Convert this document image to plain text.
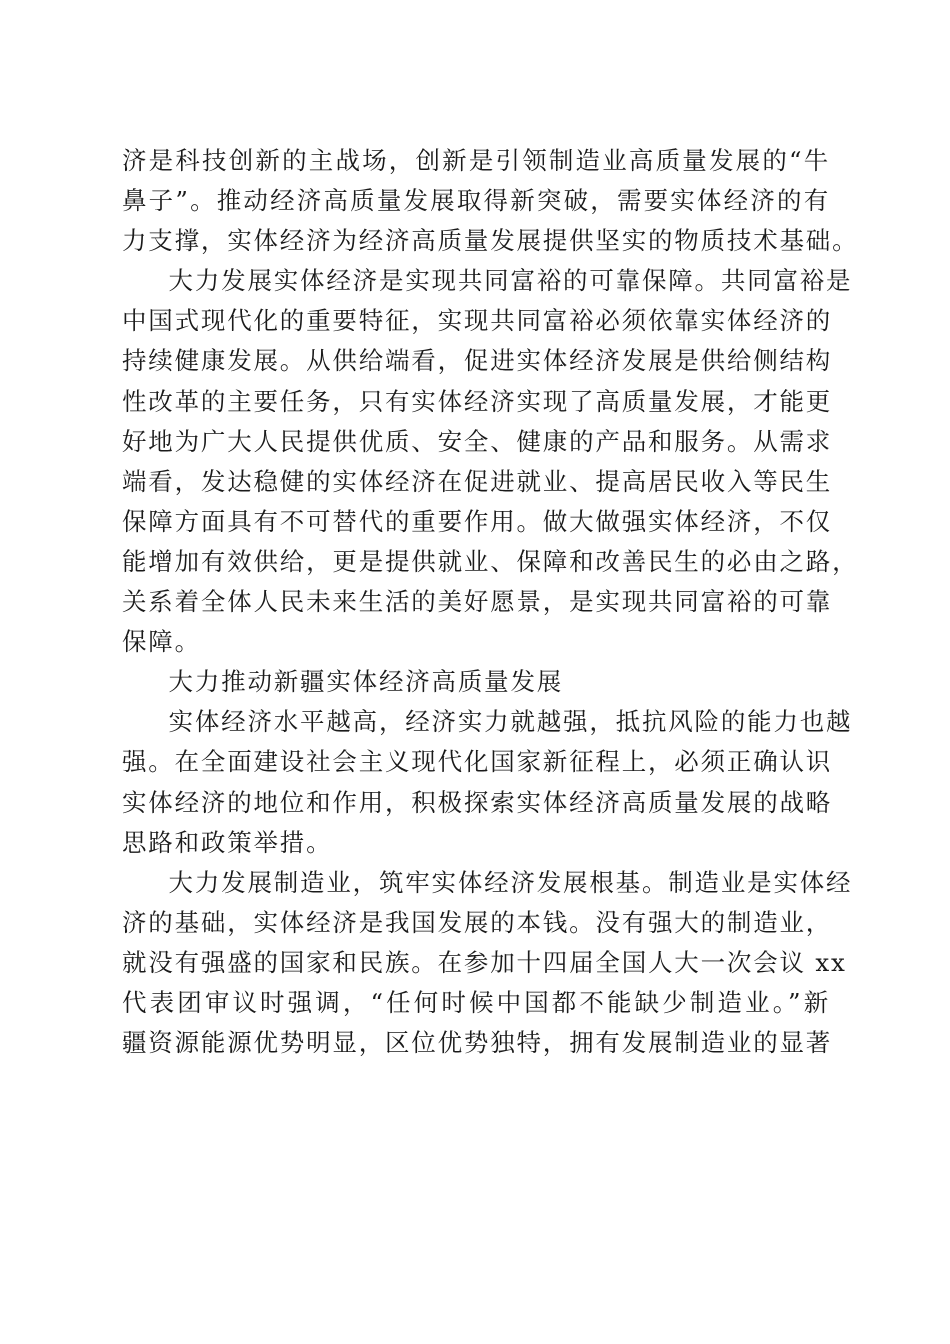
济是科技创新的主战场，创新是引领制造业高质量发展的“牛
鼻子”。推动经济高质量发展取得新突破，需要实体经济的有
力支撑，实体经济为经济高质量发展提供坚实的物质技术基础。

大力发展实体经济是实现共同富裕的可靠保障。共同富裕是
中国式现代化的重要特征，实现共同富裕必须依靠实体经济的
持续健康发展。从供给端看，促进实体经济发展是供给侧结构
性改革的主要任务，只有实体经济实现了高质量发展，才能更
好地为广大人民提供优质、安全、健康的产品和服务。从需求
端看，发达稳健的实体经济在促进就业、提高居民收入等民生
保障方面具有不可替代的重要作用。做大做强实体经济，不仅
能增加有效供给，更是提供就业、保障和改善民生的必由之路，
关系着全体人民未来生活的美好愿景，是实现共同富裕的可靠
保障。

大力推动新疆实体经济高质量发展

实体经济水平越高，经济实力就越强，抵抗风险的能力也越
强。在全面建设社会主义现代化国家新征程上，必须正确认识
实体经济的地位和作用，积极探索实体经济高质量发展的战略
思路和政策举措。

大力发展制造业，筑牢实体经济发展根基。制造业是实体经
济的基础，实体经济是我国发展的本钱。没有强大的制造业，
就没有强盛的国家和民族。在参加十四届全国人大一次会议 xx
代表团审议时强调，“任何时候中国都不能缺少制造业。”新
疆资源能源优势明显，区位优势独特，拥有发展制造业的显著
